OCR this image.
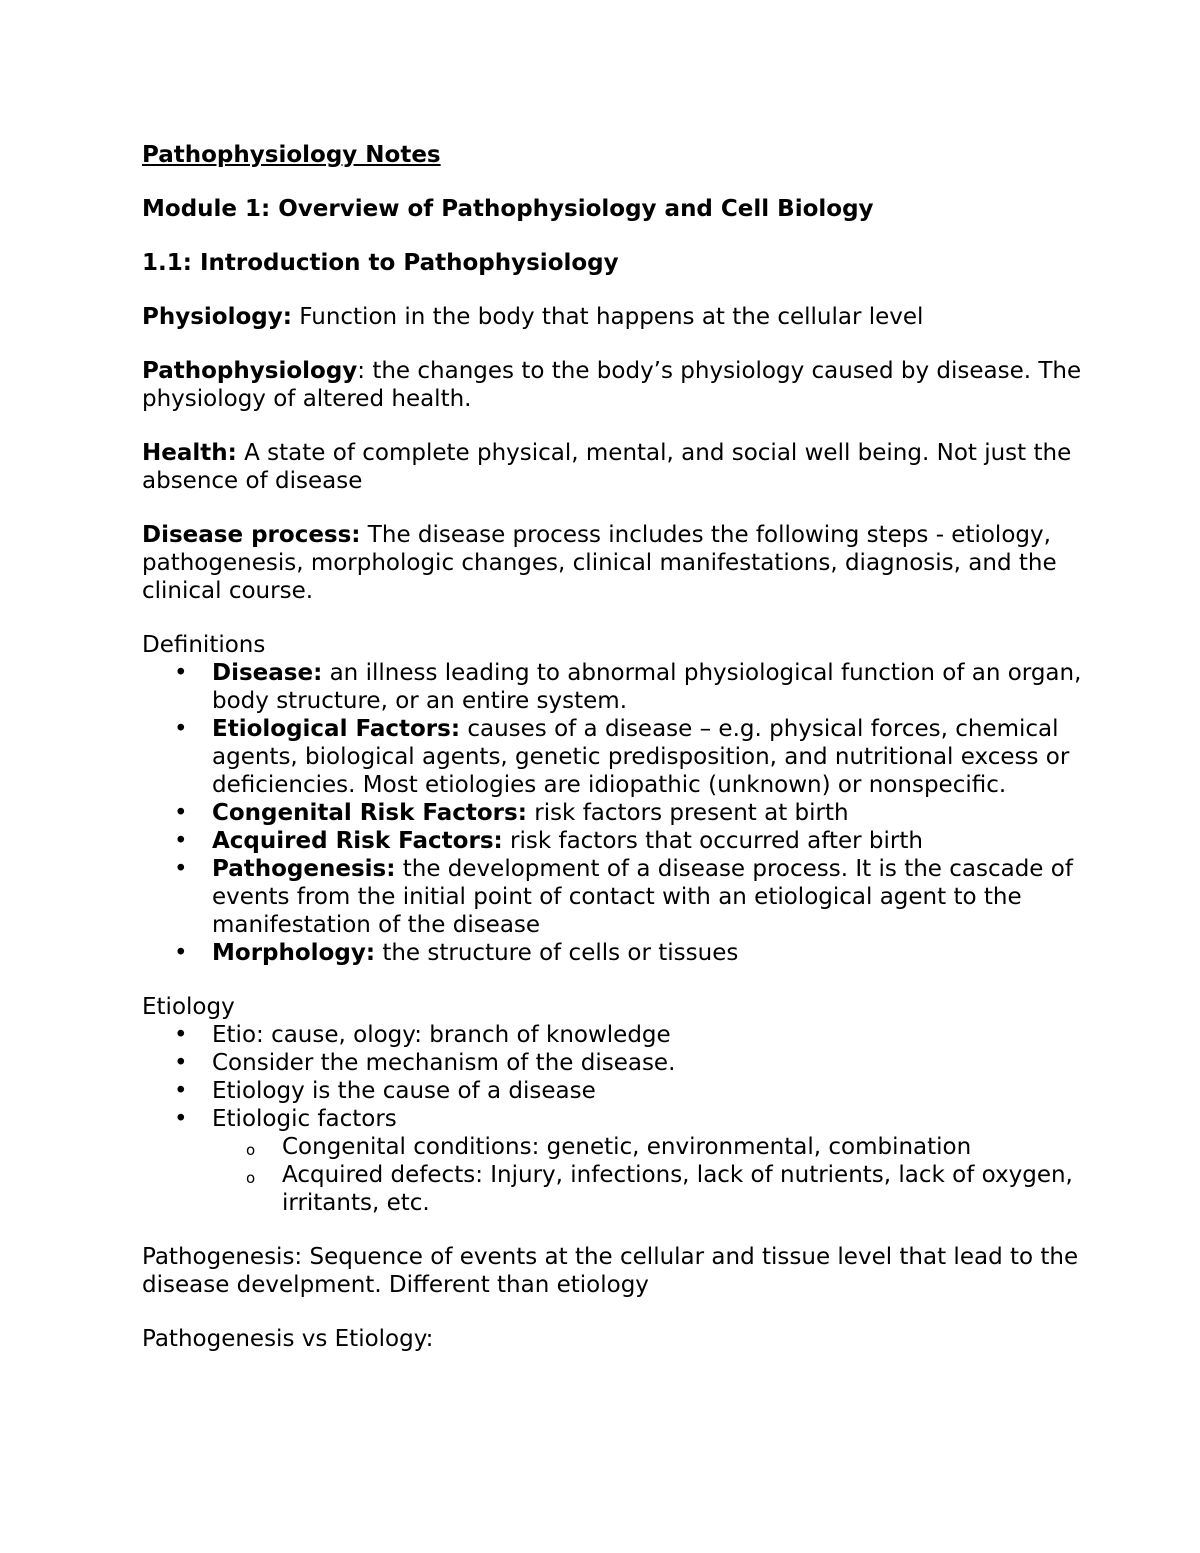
Pathophysiology Notes
Module 1: Overview of Pathophysiology and Cell Biology
1.1: Introduction to Pathophysiology

Physiology: Function in the body that happens at the cellular level

Pathophysiology: the changes to the body’s physiology caused by disease. The physiology of altered health.

Health: A state of complete physical, mental, and social well being. Not just the absence of disease

Disease process: The disease process includes the following steps - etiology, pathogenesis, morphologic changes, clinical manifestations, diagnosis, and the clinical course.

Definitions
• Disease: an illness leading to abnormal physiological function of an organ, body structure, or an entire system.
• Etiological Factors: causes of a disease – e.g. physical forces, chemical agents, biological agents, genetic predisposition, and nutritional excess or deficiencies. Most etiologies are idiopathic (unknown) or nonspecific.
• Congenital Risk Factors: risk factors present at birth
• Acquired Risk Factors: risk factors that occurred after birth
• Pathogenesis: the development of a disease process. It is the cascade of events from the initial point of contact with an etiological agent to the manifestation of the disease
• Morphology: the structure of cells or tissues
Etiology
• Etio: cause, ology: branch of knowledge
• Consider the mechanism of the disease.
• Etiology is the cause of a disease
• Etiologic factors
o Congenital conditions: genetic, environmental, combination
o Acquired defects: Injury, infections, lack of nutrients, lack of oxygen, irritants, etc.

Pathogenesis: Sequence of events at the cellular and tissue level that lead to the disease develpment. Different than etiology

Pathogenesis vs Etiology:
